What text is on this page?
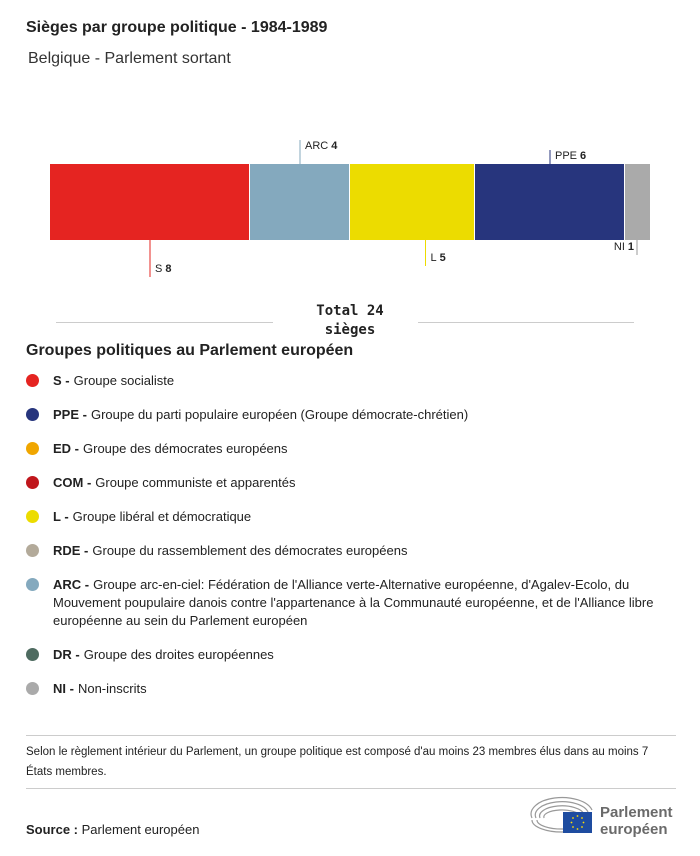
Sièges par groupe politique - 1984-1989
Belgique - Parlement sortant
S 8
ARC 4
L 5
PPE 6
NI 1
Total 24
sièges
Groupes politiques au Parlement européen
S - Groupe socialiste
PPE - Groupe du parti populaire européen (Groupe démocrate-chrétien)
ED - Groupe des démocrates européens
COM - Groupe communiste et apparentés
L - Groupe libéral et démocratique
RDE - Groupe du rassemblement des démocrates européens
ARC - Groupe arc-en-ciel: Fédération de l'Alliance verte-Alternative européenne, d'Agalev-Ecolo, du Mouvement poupulaire danois contre l'appartenance à la Communauté européenne, et de l'Alliance libre européenne au sein du Parlement européen
DR - Groupe des droites européennes
NI - Non-inscrits
Selon le règlement intérieur du Parlement, un groupe politique est composé d'au moins 23 membres élus dans au moins 7 États membres.
Source : Parlement européen
Parlement
européen
